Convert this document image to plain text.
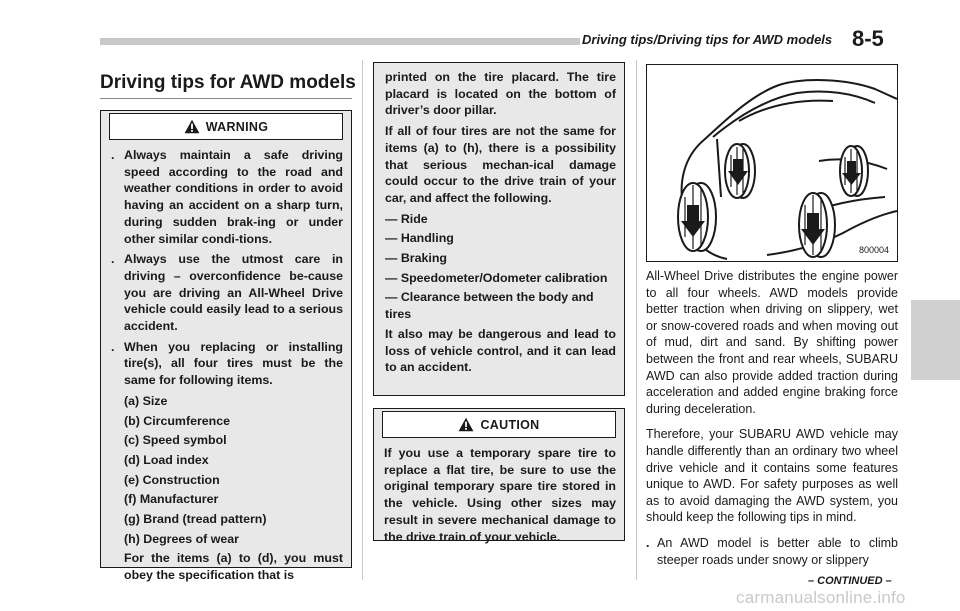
Driving tips/Driving tips for AWD models 8-5
Driving tips for AWD models
WARNING
. Always maintain a safe driving speed according to the road and weather conditions in order to avoid having an accident on a sharp turn, during sudden brak-ing or under other similar condi-tions.
. Always use the utmost care in driving – overconfidence be-cause you are driving an All-Wheel Drive vehicle could easily lead to a serious accident.
. When you replacing or installing tire(s), all four tires must be the same for following items.
(a) Size
(b) Circumference
(c) Speed symbol
(d) Load index
(e) Construction
(f) Manufacturer
(g) Brand (tread pattern)
(h) Degrees of wear
For the items (a) to (d), you must obey the specification that is
printed on the tire placard. The tire placard is located on the bottom of driver’s door pillar.
If all of four tires are not the same for items (a) to (h), there is a possibility that serious mechan-ical damage could occur to the drive train of your car, and affect the following.
— Ride
— Handling
— Braking
— Speedometer/Odometer calibration
— Clearance between the body and tires
It also may be dangerous and lead to loss of vehicle control, and it can lead to an accident.
CAUTION
If you use a temporary spare tire to replace a flat tire, be sure to use the original temporary spare tire stored in the vehicle. Using other sizes may result in severe mechanical damage to the drive train of your vehicle.
800004
All-Wheel Drive distributes the engine power to all four wheels. AWD models provide better traction when driving on slippery, wet or snow-covered roads and when moving out of mud, dirt and sand. By shifting power between the front and rear wheels, SUBARU AWD can also provide added traction during acceleration and added engine braking force during deceleration.
Therefore, your SUBARU AWD vehicle may handle differently than an ordinary two wheel drive vehicle and it contains some features unique to AWD. For safety purposes as well as to avoid damaging the AWD system, you should keep the following tips in mind.
. An AWD model is better able to climb steeper roads under snowy or slippery
– CONTINUED –
carmanualsonline.info
